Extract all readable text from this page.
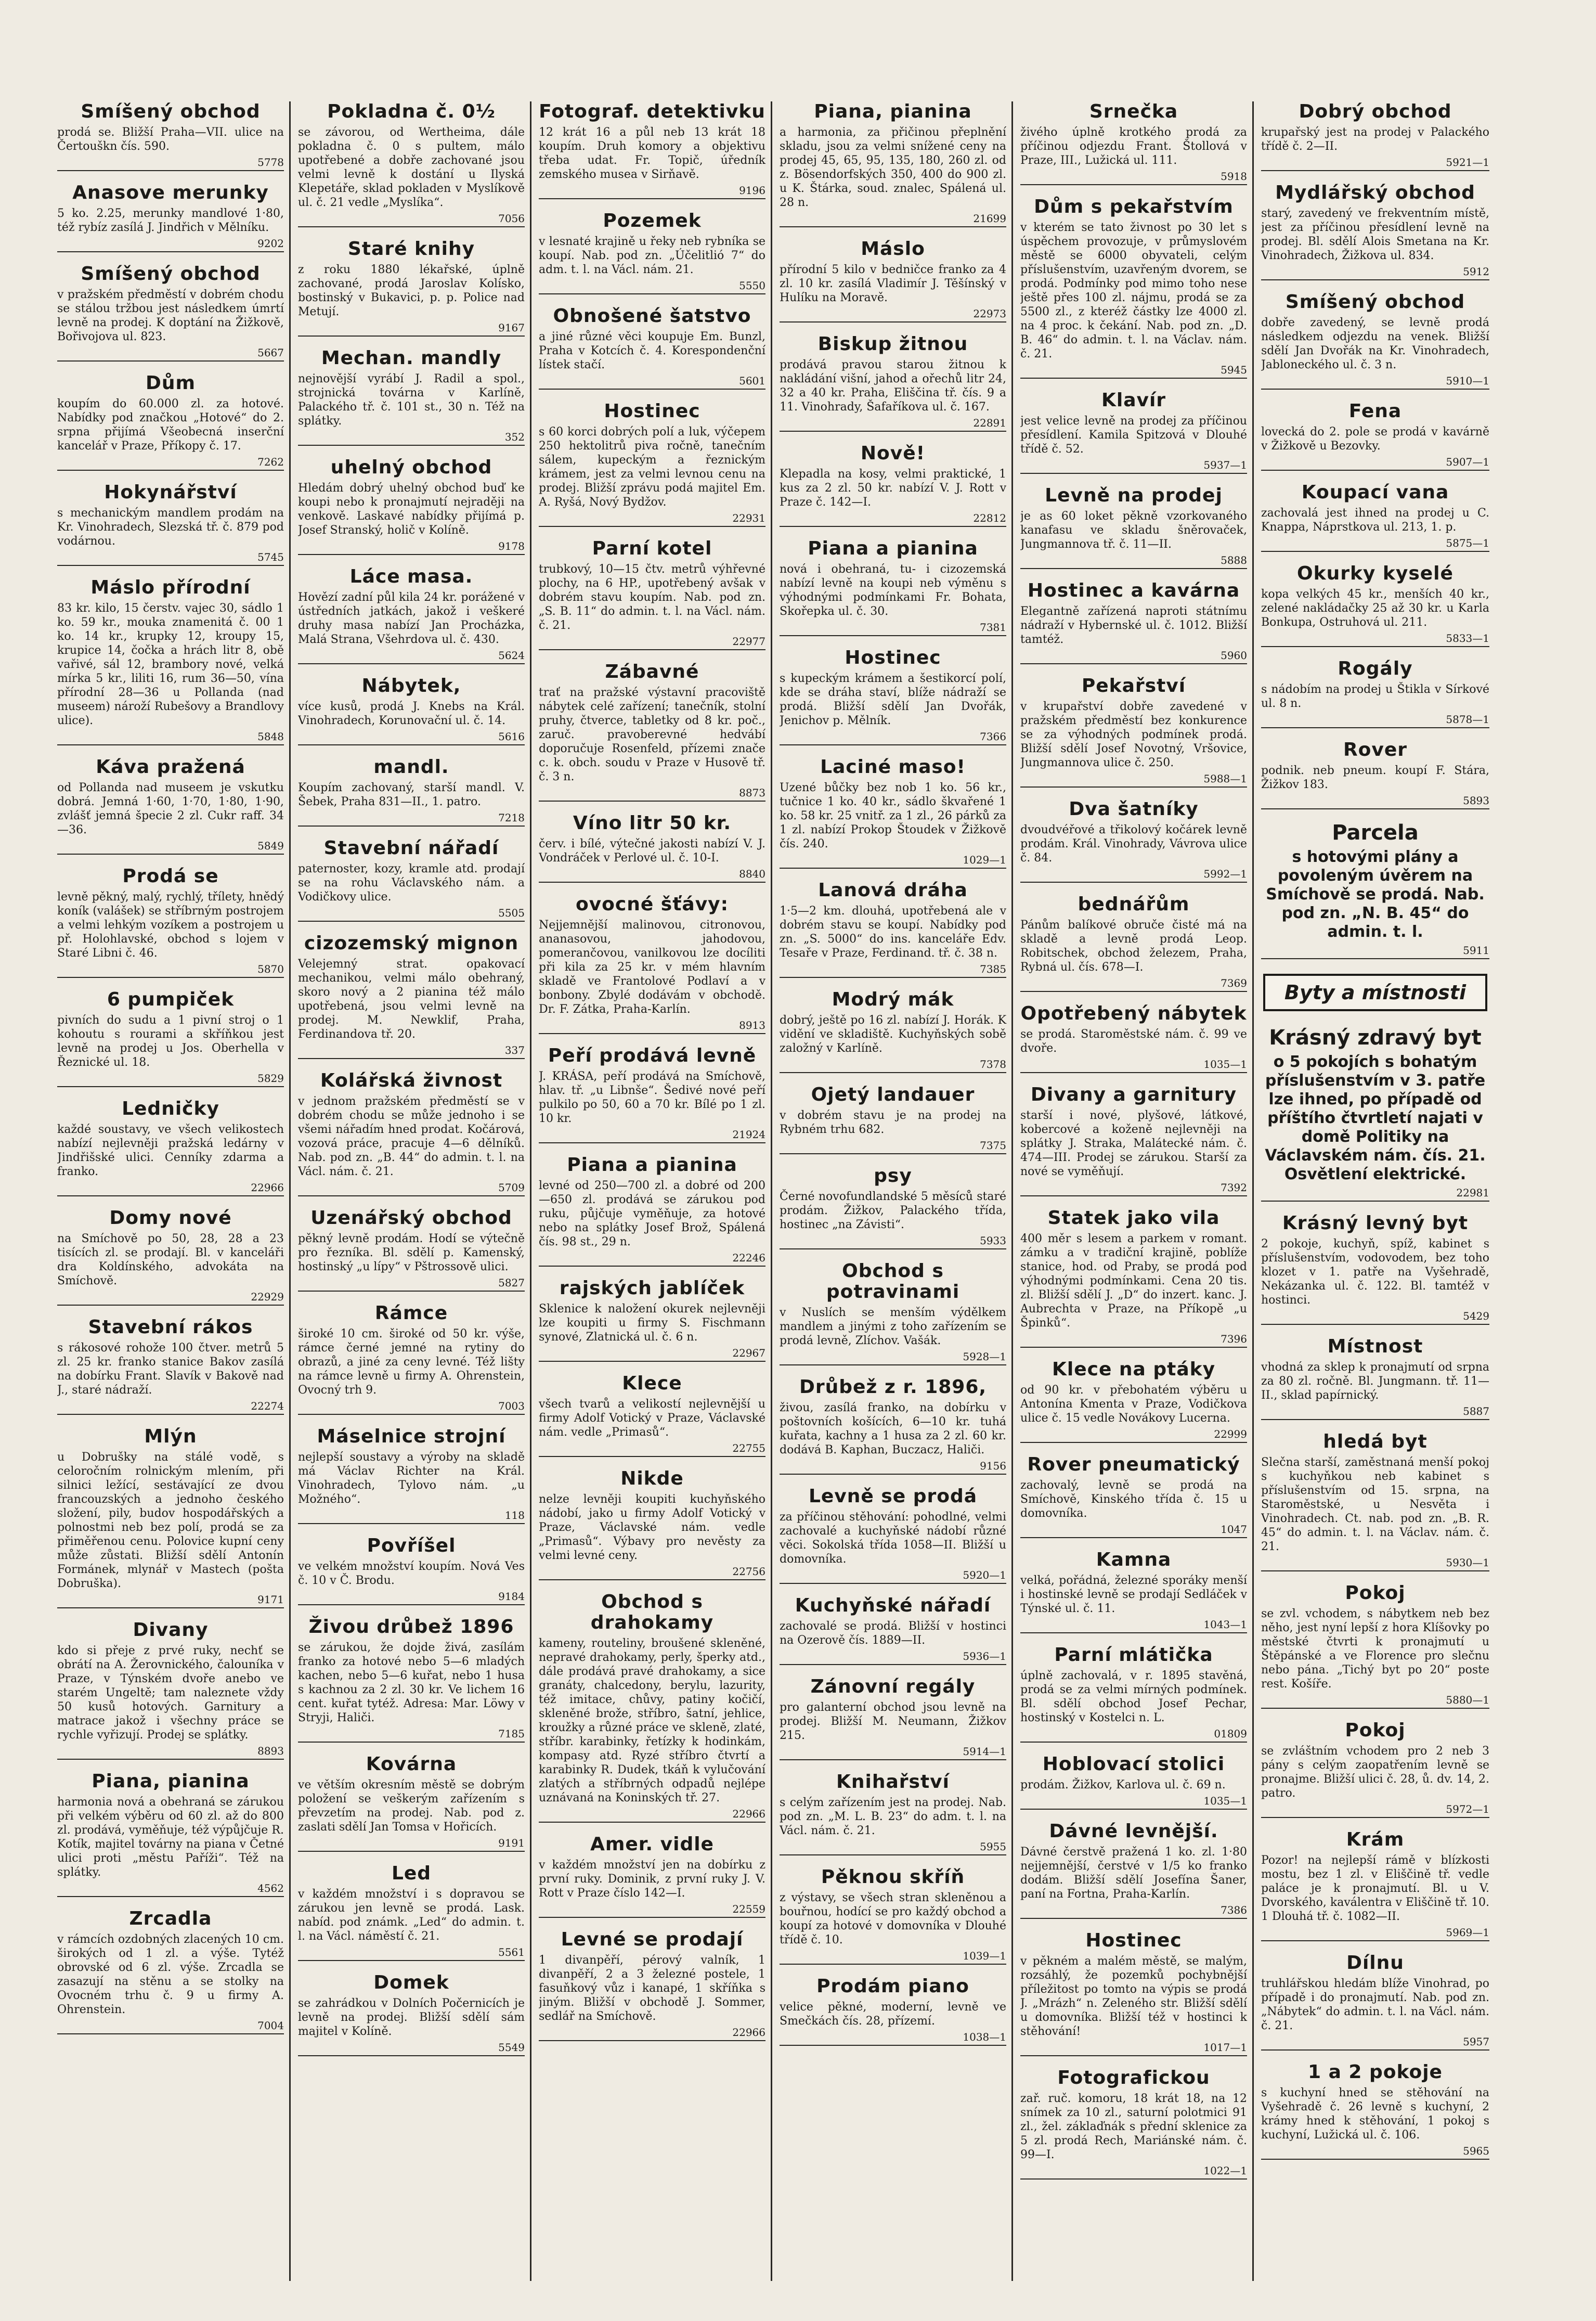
Smíšený obchod
prodá se. Bližší Praha—VII. ulice na Čertouškn čís. 590.
5778
Anasove merunky
5 ko. 2.25, merunky mandlové 1·80, též rybíz zasílá J. Jindřich v Mělníku.
9202
Smíšený obchod
v pražském předměstí v dobrém chodu se stálou tržbou jest následkem úmrtí levně na prodej. K doptání na Žižkově, Bořivojova ul. 823.
5667
Dům
koupím do 60.000 zl. za hotové. Nabídky pod značkou „Hotové“ do 2. srpna přijímá Všeobecná inserční kancelář v Praze, Příkopy č. 17.
7262
Hokynářství
s mechanickým mandlem prodám na Kr. Vinohradech, Slezská tř. č. 879 pod vodárnou.
5745
Máslo přírodní
83 kr. kilo, 15 čerstv. vajec 30, sádlo 1 ko. 59 kr., mouka znamenitá č. 00 1 ko. 14 kr., krupky 12, kroupy 15, krupice 14, čočka a hrách litr 8, obě vařivé, sál 12, brambory nové, velká mírka 5 kr., liliti 16, rum 36—50, vína přírodní 28—36 u Pollanda (nad museem) nároží Rubešovy a Brandlovy ulice).
5848
Káva pražená
od Pollanda nad museem je vskutku dobrá. Jemná 1·60, 1·70, 1·80, 1·90, zvlášť jemná špecie 2 zl. Cukr raff. 34—36.
5849
Prodá se
levně pěkný, malý, rychlý, třílety, hnědý koník (valášek) se stříbrným postrojem a velmi lehkým vozíkem a postrojem u př. Holohlavské, obchod s lojem v Staré Libni č. 46.
5870
6 pumpiček
pivních do sudu a 1 pivní stroj o 1 kohoutu s rourami a skříňkou jest levně na prodej u Jos. Oberhella v Řeznické ul. 18.
5829
Ledničky
každé soustavy, ve všech velikostech nabízí nejlevněji pražská ledárny v Jindřišské ulici. Cenníky zdarma a franko.
22966
Domy nové
na Smíchově po 50, 28, 28 a 23 tisících zl. se prodají. Bl. v kanceláři dra Koldínského, advokáta na Smíchově.
22929
Stavební rákos
s rákosové rohože 100 čtver. metrů 5 zl. 25 kr. franko stanice Bakov zasílá na dobírku Frant. Slavík v Bakově nad J., staré nádraží.
22274
Mlýn
u Dobrušky na stálé vodě, s celoročním rolnickým mlením, při silnici ležící, sestávající ze dvou francouzských a jednoho českého složení, pily, budov hospodářských a polnostmi neb bez polí, prodá se za přiměřenou cenu. Polovice kupní ceny může zůstati. Bližší sdělí Antonín Formánek, mlynář v Mastech (pošta Dobruška).
9171
Divany
kdo si přeje z prvé ruky, nechť se obrátí na A. Žerovnického, čalouníka v Praze, v Týnském dvoře anebo ve starém Ungeltě; tam naleznete vždy 50 kusů hotových. Garnitury a matrace jakož i všechny práce se rychle vyřizují. Prodej se splátky.
8893
Piana, pianina
harmonia nová a obehraná se zárukou při velkém výběru od 60 zl. až do 800 zl. prodává, vyměňuje, též výpůjčuje R. Kotík, majitel továrny na piana v Četné ulici proti „městu Paříži“. Též na splátky.
4562
Zrcadla
v rámcích ozdobných zlacených 10 cm. širokých od 1 zl. a výše. Tytéž obrovské od 6 zl. výše. Zrcadla se zasazují na stěnu a se stolky na Ovocném trhu č. 9 u firmy A. Ohrenstein.
7004
Pokladna č. 0½
se závorou, od Wertheima, dále pokladna č. 0 s pultem, málo upotřebené a dobře zachované jsou velmi levně k dostání u Ilyská Klepetáře, sklad pokladen v Myslíkově ul. č. 21 vedle „Myslíka“.
7056
Staré knihy
z roku 1880 lékařské, úplně zachované, prodá Jaroslav Kolísko, bostinský v Bukavici, p. p. Police nad Metují.
9167
Mechan. mandly
nejnovější vyrábí J. Radil a spol., strojnická továrna v Karlíně, Palackého tř. č. 101 st., 30 n. Též na splátky.
352
uhelný obchod
Hledám dobrý uhelný obchod buď ke koupi nebo k pronajmutí nejraději na venkově. Laskavé nabídky přijímá p. Josef Stranský, holič v Kolíně.
9178
Láce masa.
Hovězí zadní půl kila 24 kr. porážené v ústředních jatkách, jakož i veškeré druhy masa nabízí Jan Procházka, Malá Strana, Všehrdova ul. č. 430.
5624
Nábytek,
více kusů, prodá J. Knebs na Král. Vinohradech, Korunovační ul. č. 14.
5616
mandl.
Koupím zachovaný, starší mandl. V. Šebek, Praha 831—II., 1. patro.
7218
Stavební nářadí
paternoster, kozy, kramle atd. prodají se na rohu Václavského nám. a Vodičkovy ulice.
5505
cizozemský mignon
Velejemný strat. opakovací mechanikou, velmi málo obehraný, skoro nový a 2 pianina též málo upotřebená, jsou velmi levně na prodej. M. Newklif, Praha, Ferdinandova tř. 20.
337
Kolářská živnost
v jednom pražském předměstí se v dobrém chodu se může jednoho i se všemi nářadím hned prodat. Kočárová, vozová práce, pracuje 4—6 dělníků. Nab. pod zn. „B. 44“ do admin. t. l. na Václ. nám. č. 21.
5709
Uzenářský obchod
pěkný levně prodám. Hodí se výtečně pro řezníka. Bl. sdělí p. Kamenský, hostinský „u lípy“ v Pštrossově ulici.
5827
Rámce
široké 10 cm. široké od 50 kr. výše, rámce černé jemné na rytiny do obrazů, a jiné za ceny levné. Též lišty na rámce levně u firmy A. Ohrenstein, Ovocný trh 9.
7003
Máselnice strojní
nejlepší soustavy a výroby na skladě má Václav Richter na Král. Vinohradech, Tylovo nám. „u Možného“.
118
Povříšel
ve velkém množství koupím. Nová Ves č. 10 v Č. Brodu.
9184
Živou drůbež 1896
se zárukou, že dojde živá, zasílám franko za hotové nebo 5—6 mladých kachen, nebo 5—6 kuřat, nebo 1 husa s kachnou za 2 zl. 30 kr. Ve lichem 16 cent. kuřat tytéž. Adresa: Mar. Löwy v Stryji, Haliči.
7185
Kovárna
ve větším okresním městě se dobrým položení se veškerým zařízením s převzetím na prodej. Nab. pod z. zaslati sdělí Jan Tomsa v Hořicích.
9191
Led
v každém množství i s dopravou se zárukou jen levně se prodá. Lask. nabíd. pod známk. „Led“ do admin. t. l. na Václ. náměstí č. 21.
5561
Domek
se zahrádkou v Dolních Počernicích je levně na prodej. Bližší sdělí sám majitel v Kolíně.
5549
Fotograf. detektivku
12 krát 16 a půl neb 13 krát 18 koupím. Druh komory a objektivu třeba udat. Fr. Topič, úředník zemského musea v Sirňavě.
9196
Pozemek
v lesnaté krajině u řeky neb rybníka se koupí. Nab. pod zn. „Účelitlió 7“ do adm. t. l. na Václ. nám. 21.
5550
Obnošené šatstvo
a jiné různé věci koupuje Em. Bunzl, Praha v Kotcích č. 4. Korespondenční lístek stačí.
5601
Hostinec
s 60 korci dobrých polí a luk, výčepem 250 hektolitrů piva ročně, tanečním sálem, kupeckým a řeznickým krámem, jest za velmi levnou cenu na prodej. Bližší zprávu podá majitel Em. A. Ryšá, Nový Bydžov.
22931
Parní kotel
trubkový, 10—15 čtv. metrů výhřevné plochy, na 6 HP., upotřebený avšak v dobrém stavu koupím. Nab. pod zn. „S. B. 11“ do admin. t. l. na Václ. nám. č. 21.
22977
Zábavné
trať na pražské výstavní pracoviště nábytek celé zařízení; tanečník, stolní pruhy, čtverce, tabletky od 8 kr. poč., zaruč. pravoberevné hedvábí doporučuje Rosenfeld, přízemi znače c. k. obch. soudu v Praze v Husově tř. č. 3 n.
8873
Víno litr 50 kr.
červ. i bílé, výtečné jakosti nabízí V. J. Vondráček v Perlové ul. č. 10-I.
8840
ovocné šťávy:
Nejjemnější malinovou, citronovou, ananasovou, jahodovou, pomerančovou, vanilkovou lze docíliti při kila za 25 kr. v mém hlavním skladě ve Frantolové Podlaví a v bonbony. Zbylé dodávám v obchodě. Dr. F. Zátka, Praha-Karlín.
8913
Peří prodává levně
J. KRÁSA, peří prodává na Smíchově, hlav. tř. „u Libnše“. Šedivé nové peří pulkilo po 50, 60 a 70 kr. Bílé po 1 zl. 10 kr.
21924
Piana a pianina
levné od 250—700 zl. a dobré od 200—650 zl. prodává se zárukou pod ruku, půjčuje vyměňuje, za hotové nebo na splátky Josef Brož, Spálená čís. 98 st., 29 n.
22246
rajských jablíček
Sklenice k naložení okurek nejlevněji lze koupiti u firmy S. Fischmann synové, Zlatnická ul. č. 6 n.
22967
Klece
všech tvarů a velikostí nejlevnější u firmy Adolf Votický v Praze, Václavské nám. vedle „Primasů“.
22755
Nikde
nelze levněji koupiti kuchyňského nádobí, jako u firmy Adolf Votický v Praze, Václavské nám. vedle „Primasů“. Výbavy pro nevěsty za velmi levné ceny.
22756
Obchod s drahokamy
kameny, routeliny, broušené skleněné, nepravé drahokamy, perly, šperky atd., dále prodává pravé drahokamy, a sice granáty, chalcedony, berylu, lazurity, též imitace, chůvy, patiny kočičí, skleněné brože, stříbro, šatní, jehlice, kroužky a různé práce ve skleně, zlaté, stříbr. karabinky, řetízky k hodinkám, kompasy atd. Ryzé stříbro čtvrtí a karabinky R. Dudek, tkáň k vylučování zlatých a stříbrných odpadů nejlépe uznávaná na Koninských tř. 27.
22966
Amer. vidle
v každém množství jen na dobírku z první ruky. Dominik, z první ruky J. V. Rott v Praze číslo 142—I.
22559
Levné se prodají
1 divanpěří, pérový valník, 1 divanpěří, 2 a 3 železné postele, 1 fasuňkový vůz i kanapé, 1 skříňka s jiným. Bližší v obchodě J. Sommer, sedlář na Smíchově.
22966
Piana, pianina
a harmonia, za přičinou přeplnění skladu, jsou za velmi snížené ceny na prodej 45, 65, 95, 135, 180, 260 zl. od z. Bösendorfských 350, 400 do 900 zl. u K. Štárka, soud. znalec, Spálená ul. 28 n.
21699
Máslo
přírodní 5 kilo v bedničce franko za 4 zl. 10 kr. zasílá Vladimír J. Těšínský v Hulíku na Moravě.
22973
Biskup žitnou
prodává pravou starou žitnou k nakládání višní, jahod a ořechů litr 24, 32 a 40 kr. Praha, Eliščina tř. čís. 9 a 11. Vinohrady, Šafaříkova ul. č. 167.
22891
Nově!
Klepadla na kosy, velmi praktické, 1 kus za 2 zl. 50 kr. nabízí V. J. Rott v Praze č. 142—I.
22812
Piana a pianina
nová i obehraná, tu- i cizozemská nabízí levně na koupi neb výměnu s výhodnými podmínkami Fr. Bohata, Skořepka ul. č. 30.
7381
Hostinec
s kupeckým krámem a šestikorcí polí, kde se dráha staví, blíže nádraží se prodá. Bližší sdělí Jan Dvořák, Jenichov p. Mělník.
7366
Laciné maso!
Uzené bůčky bez nob 1 ko. 56 kr., tučnice 1 ko. 40 kr., sádlo škvařené 1 ko. 58 kr. 25 vnitř. za 1 zl., 26 párků za 1 zl. nabízí Prokop Štoudek v Žižkově čís. 240.
1029—1
Lanová dráha
1·5—2 km. dlouhá, upotřebená ale v dobrém stavu se koupí. Nabídky pod zn. „S. 5000“ do ins. kanceláře Edv. Tesaře v Praze, Ferdinand. tř. č. 38 n.
7385
Modrý mák
dobrý, ještě po 16 zl. nabízí J. Horák. K vidění ve skladiště. Kuchyňských sobě založný v Karlíně.
7378
Ojetý landauer
v dobrém stavu je na prodej na Rybném trhu 682.
7375
psy
Černé novofundlandské 5 měsíců staré prodám. Žižkov, Palackého třída, hostinec „na Závisti“.
5933
Obchod s potravinami
v Nuslích se menším výdělkem mandlem a jinými z toho zařízením se prodá levně, Zlíchov. Vašák.
5928—1
Drůbež z r. 1896,
živou, zasílá franko, na dobírku v poštovních košících, 6—10 kr. tuhá kuřata, kachny a 1 husa za 2 zl. 60 kr. dodává B. Kaphan, Buczacz, Haliči.
9156
Levně se prodá
za příčinou stěhování: pohodlné, velmi zachovalé a kuchyňské nádobí různé věci. Sokolská třída 1058—II. Bližší u domovníka.
5920—1
Kuchyňské nářadí
zachovalé se prodá. Bližší v hostinci na Ozerově čís. 1889—II.
5936—1
Zánovní regály
pro galanterní obchod jsou levně na prodej. Bližší M. Neumann, Žižkov 215.
5914—1
Knihařství
s celým zařízením jest na prodej. Nab. pod zn. „M. L. B. 23“ do adm. t. l. na Václ. nám. č. 21.
5955
Pěknou skříň
z výstavy, se všech stran skleněnou a bouřnou, hodící se pro každý obchod a koupí za hotové v domovníka v Dlouhé třídě č. 10.
1039—1
Prodám piano
velice pěkné, moderní, levně ve Smečkách čís. 28, přízemí.
1038—1
Srnečka
živého úplně krotkého prodá za příčinou odjezdu Frant. Štollová v Praze, III., Lužická ul. 111.
5918
Dům s pekařstvím
v kterém se tato živnost po 30 let s úspěchem provozuje, v průmyslovém městě se 6000 obyvateli, celým příslušenstvím, uzavřeným dvorem, se prodá. Podmínky pod mimo toho nese ještě přes 100 zl. nájmu, prodá se za 5500 zl., z kteréž částky lze 4000 zl. na 4 proc. k čekání. Nab. pod zn. „D. B. 46“ do admin. t. l. na Václav. nám. č. 21.
5945
Klavír
jest velice levně na prodej za příčinou přesídlení. Kamila Spitzová v Dlouhé třídě č. 52.
5937—1
Levně na prodej
je as 60 loket pěkně vzorkovaného kanafasu ve skladu šněrovaček, Jungmannova tř. č. 11—II.
5888
Hostinec a kavárna
Elegantně zařízená naproti státnímu nádraží v Hybernské ul. č. 1012. Bližší tamtéž.
5960
Pekařství
v krupařství dobře zavedené v pražském předměstí bez konkurence se za výhodných podmínek prodá. Bližší sdělí Josef Novotný, Vršovice, Jungmannova ulice č. 250.
5988—1
Dva šatníky
dvoudvéřové a třikolový kočárek levně prodám. Král. Vinohrady, Vávrova ulice č. 84.
5992—1
bednářům
Pánům balíkové obruče čisté má na skladě a levně prodá Leop. Robitschek, obchod železem, Praha, Rybná ul. čís. 678—I.
7369
Opotřebený nábytek
se prodá. Staroměstské nám. č. 99 ve dvoře.
1035—1
Divany a garnitury
starší i nové, plyšové, látkové, kobercové a koženě nejlevněji na splátky J. Straka, Malátecké nám. č. 474—III. Prodej se zárukou. Starší za nové se vyměňují.
7392
Statek jako vila
400 měr s lesem a parkem v romant. zámku a v tradiční krajině, poblíže stanice, hod. od Praby, se prodá pod výhodnými podmínkami. Cena 20 tis. zl. Bližší sdělí J. „D“ do inzert. kanc. J. Aubrechta v Praze, na Příkopě „u Špinků“.
7396
Klece na ptáky
od 90 kr. v přebohatém výběru u Antonína Kmenta v Praze, Vodičkova ulice č. 15 vedle Novákovy Lucerna.
22999
Rover pneumatický
zachovalý, levně se prodá na Smíchově, Kinského třída č. 15 u domovníka.
1047
Kamna
velká, pořádná, železné sporáky menší i hostinské levně se prodají Sedláček v Týnské ul. č. 11.
1043—1
Parní mlátička
úplně zachovalá, v r. 1895 stavěná, prodá se za velmi mírných podmínek. Bl. sdělí obchod Josef Pechar, hostinský v Kostelci n. L.
01809
Hoblovací stolici
prodám. Žižkov, Karlova ul. č. 69 n.
1035—1
Dávné levnější.
Dávné čerstvě pražená 1 ko. zl. 1·80 nejjemnější, čerstvé v 1/5 ko franko dodám. Bližší sdělí Josefína Šaner, paní na Fortna, Praha-Karlín.
7386
Hostinec
v pěkném a malém městě, se malým, rozsáhlý, že pozemků pochybnější příležitost po tomto na výpis se prodá J. „Mrázh“ n. Zeleného str. Bližší sdělí u domovníka. Bližší též v hostinci k stěhování!
1017—1
Fotografickou
zař. ruč. komoru, 18 krát 18, na 12 snímek za 10 zl., saturní polotmici 91 zl., žel. záklaďnák s přední sklenice za 5 zl. prodá Rech, Mariánské nám. č. 99—I.
1022—1
Dobrý obchod
krupařský jest na prodej v Palackého třídě č. 2—II.
5921—1
Mydlářský obchod
starý, zavedený ve frekventním místě, jest za příčinou přesídlení levně na prodej. Bl. sdělí Alois Smetana na Kr. Vinohradech, Žižkova ul. 834.
5912
Smíšený obchod
dobře zavedený, se levně prodá následkem odjezdu na venek. Bližší sdělí Jan Dvořák na Kr. Vinohradech, Jabloneckého ul. č. 3 n.
5910—1
Fena
lovecká do 2. pole se prodá v kavárně v Žižkově u Bezovky.
5907—1
Koupací vana
zachovalá jest ihned na prodej u C. Knappa, Náprstkova ul. 213, 1. p.
5875—1
Okurky kyselé
kopa velkých 45 kr., menších 40 kr., zelené nakládačky 25 až 30 kr. u Karla Bonkupa, Ostruhová ul. 211.
5833—1
Rogály
s nádobím na prodej u Štikla v Sírkové ul. 8 n.
5878—1
Rover
podnik. neb pneum. koupí F. Stára, Žižkov 183.
5893
Parcela
s hotovými plány a povoleným úvěrem na Smíchově se prodá. Nab. pod zn. „N. B. 45“ do admin. t. l.
5911
Byty a místnosti
Krásný zdravý byt
o 5 pokojích s bohatým příslušenstvím v 3. patře lze ihned, po případě od příštího čtvrtletí najati v domě Politiky na Václavském nám. čís. 21. Osvětlení elektrické.
22981
Krásný levný byt
2 pokoje, kuchyň, spíž, kabinet s příslušenstvím, vodovodem, bez toho klozet v 1. patře na Vyšehradě, Nekázanka ul. č. 122. Bl. tamtéž v hostinci.
5429
Místnost
vhodná za sklep k pronajmutí od srpna za 80 zl. ročně. Bl. Jungmann. tř. 11—II., sklad papírnický.
5887
hledá byt
Slečna starší, zaměstnaná menší pokoj s kuchyňkou neb kabinet s příslušenstvím od 15. srpna, na Staroměstské, u Nesvěta i Vinohradech. Ct. nab. pod zn. „B. R. 45“ do admin. t. l. na Václav. nám. č. 21.
5930—1
Pokoj
se zvl. vchodem, s nábytkem neb bez něho, jest nyní lepší z hora Klíšovky po městské čtvrti k pronajmutí u Štěpánské a ve Florence pro slečnu nebo pána. „Tichý byt po 20“ poste rest. Košíře.
5880—1
Pokoj
se zvláštním vchodem pro 2 neb 3 pány s celým zaopatřením levně se pronajme. Bližší ulici č. 28, ů. dv. 14, 2. patro.
5972—1
Krám
Pozor! na nejlepší rámě v blízkosti mostu, bez 1 zl. v Eliščině tř. vedle paláce je k pronajmutí. Bl. u V. Dvorského, kaválentra v Eliščině tř. 10. 1 Dlouhá tř. č. 1082—II.
5969—1
Dílnu
truhlářskou hledám blíže Vinohrad, po případě i do pronajmutí. Nab. pod zn. „Nábytek“ do admin. t. l. na Václ. nám. č. 21.
5957
1 a 2 pokoje
s kuchyní hned se stěhování na Vyšehradě č. 26 levně s kuchyní, 2 krámy hned k stěhování, 1 pokoj s kuchyní, Lužická ul. č. 106.
5965
